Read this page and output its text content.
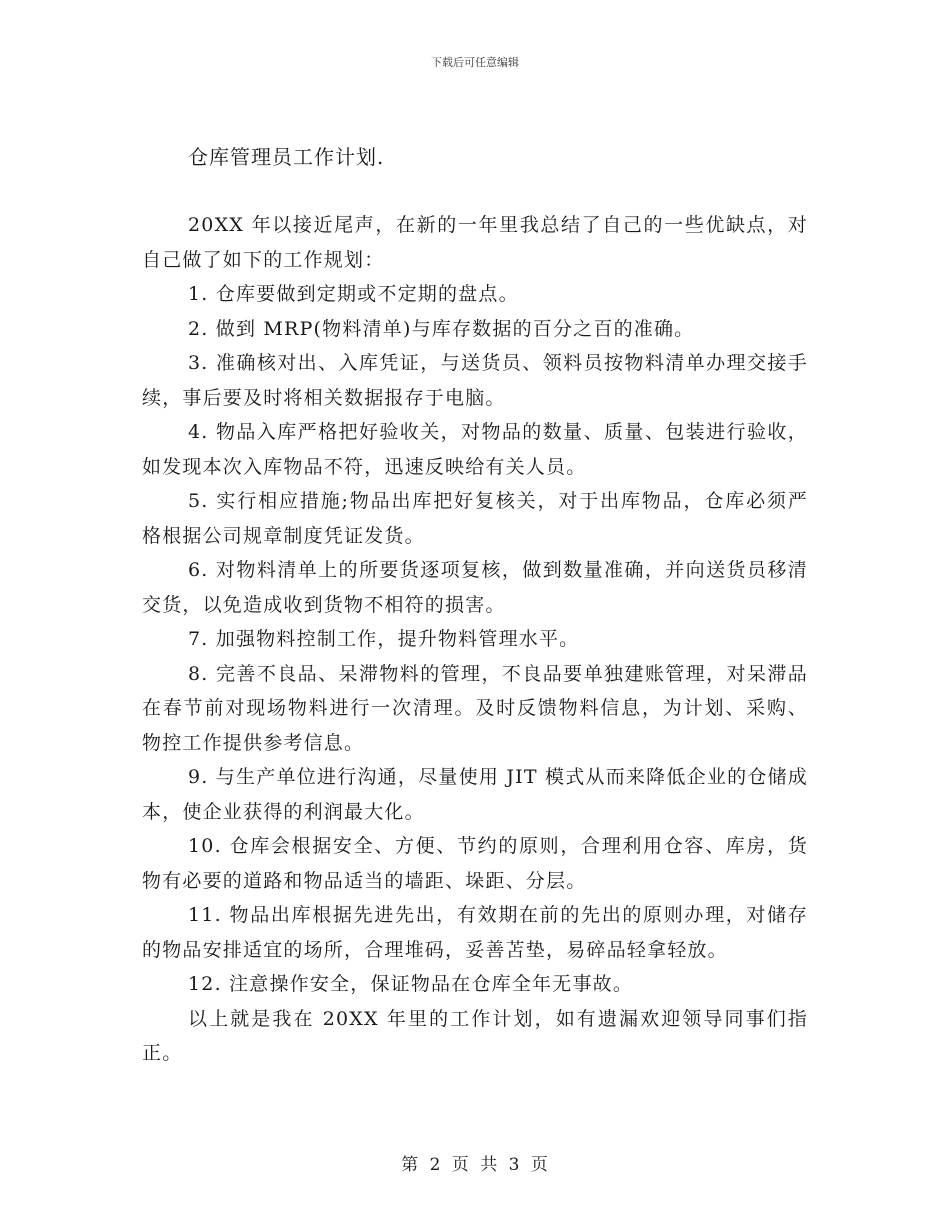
下载后可任意编辑
仓库管理员工作计划.

20XX 年以接近尾声，在新的一年里我总结了自己的一些优缺点，对自己做了如下的工作规划：

1. 仓库要做到定期或不定期的盘点。

2. 做到 MRP(物料清单)与库存数据的百分之百的准确。

3. 准确核对出、入库凭证，与送货员、领料员按物料清单办理交接手续，事后要及时将相关数据报存于电脑。

4. 物品入库严格把好验收关，对物品的数量、质量、包装进行验收，如发现本次入库物品不符，迅速反映给有关人员。

5. 实行相应措施;物品出库把好复核关，对于出库物品，仓库必须严格根据公司规章制度凭证发货。

6. 对物料清单上的所要货逐项复核，做到数量准确，并向送货员移清交货，以免造成收到货物不相符的损害。

7. 加强物料控制工作，提升物料管理水平。

8. 完善不良品、呆滞物料的管理，不良品要单独建账管理，对呆滞品在春节前对现场物料进行一次清理。及时反馈物料信息，为计划、采购、物控工作提供参考信息。

9. 与生产单位进行沟通，尽量使用 JIT 模式从而来降低企业的仓储成本，使企业获得的利润最大化。

10. 仓库会根据安全、方便、节约的原则，合理利用仓容、库房，货物有必要的道路和物品适当的墙距、垛距、分层。

11. 物品出库根据先进先出，有效期在前的先出的原则办理，对储存的物品安排适宜的场所，合理堆码，妥善苫垫，易碎品轻拿轻放。

12. 注意操作安全，保证物品在仓库全年无事故。

以上就是我在 20XX 年里的工作计划，如有遗漏欢迎领导同事们指正。

第 2 页 共 3 页
